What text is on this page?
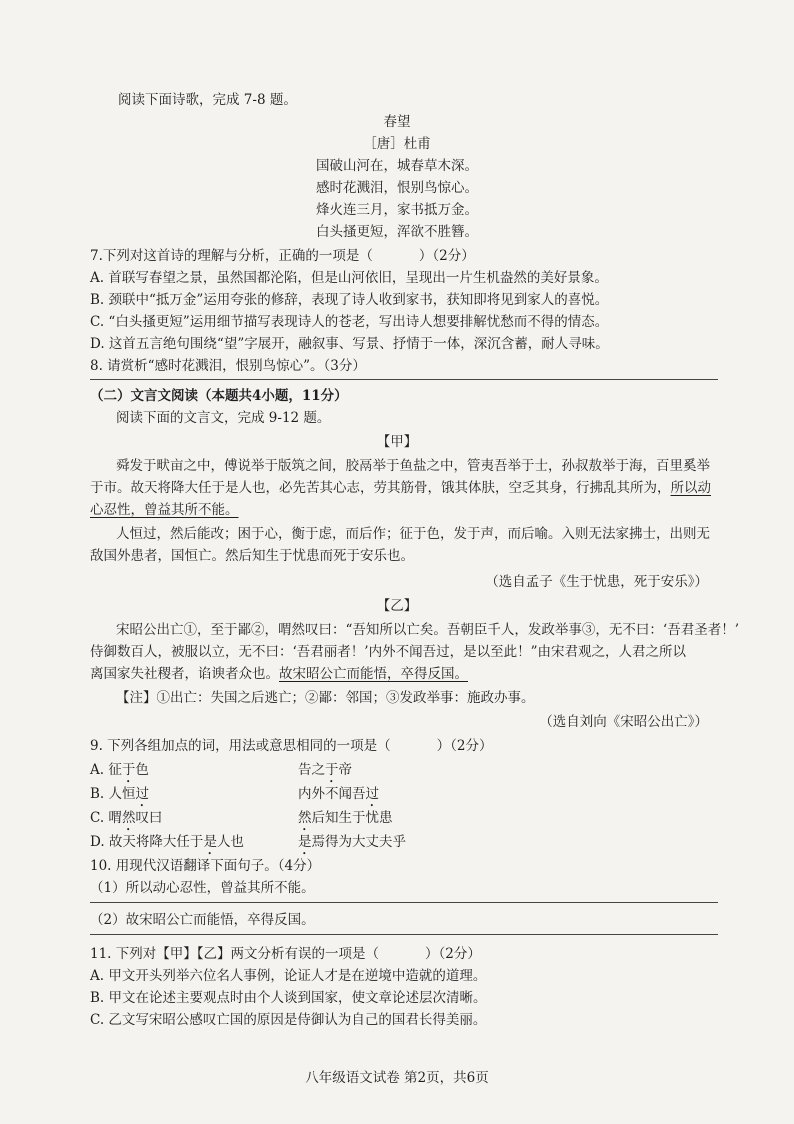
阅读下面诗歌，完成 7-8 题。
春望
［唐］杜甫
国破山河在，城春草木深。
感时花溅泪，恨别鸟惊心。
烽火连三月，家书抵万金。
白头搔更短，浑欲不胜簪。
7.下列对这首诗的理解与分析，正确的一项是（	）（2分）
A. 首联写春望之景，虽然国都沦陷，但是山河依旧，呈现出一片生机盎然的美好景象。
B. 颈联中“抵万金”运用夸张的修辞，表现了诗人收到家书，获知即将见到家人的喜悦。
C. “白头搔更短”运用细节描写表现诗人的苍老，写出诗人想要排解忧愁而不得的情态。
D. 这首五言绝句围绕“望”字展开，融叙事、写景、抒情于一体，深沉含蓄，耐人寻味。
8. 请赏析“感时花溅泪，恨别鸟惊心”。（3分）
（二）文言文阅读（本题共4小题，11分）
阅读下面的文言文，完成 9-12 题。
【甲】
舜发于畎亩之中，傅说举于版筑之间，胶鬲举于鱼盐之中，管夷吾举于士，孙叔敖举于海，百里奚举
于市。故天将降大任于是人也，必先苦其心志，劳其筋骨，饿其体肤，空乏其身，行拂乱其所为，所以动
心忍性，曾益其所不能。
人恒过，然后能改；困于心，衡于虑，而后作；征于色，发于声，而后喻。入则无法家拂士，出则无
敌国外患者，国恒亡。然后知生于忧患而死于安乐也。
（选自孟子《生于忧患，死于安乐》）
【乙】
宋昭公出亡①，至于鄙②，喟然叹曰：“吾知所以亡矣。吾朝臣千人，发政举事③，无不曰：‘吾君圣者！’
侍御数百人，被服以立，无不曰：‘吾君丽者！’内外不闻吾过，是以至此！”由宋君观之，人君之所以
离国家失社稷者，谄谀者众也。故宋昭公亡而能悟，卒得反国。
【注】①出亡：失国之后逃亡；②鄙：邻国；③发政举事：施政办事。
（选自刘向《宋昭公出亡》）
9. 下列各组加点的词，用法或意思相同的一项是（	）（2分）
A. 征于色	告之于帝
B. 人恒过	内外不闻吾过
C. 喟然叹曰	然后知生于忧患
D. 故天将降大任于是人也	是焉得为大丈夫乎
10. 用现代汉语翻译下面句子。（4分）
（1）所以动心忍性，曾益其所不能。
（2）故宋昭公亡而能悟，卒得反国。
11. 下列对【甲】【乙】两文分析有误的一项是（	）（2分）
A. 甲文开头列举六位名人事例，论证人才是在逆境中造就的道理。
B. 甲文在论述主要观点时由个人谈到国家，使文章论述层次清晰。
C. 乙文写宋昭公感叹亡国的原因是侍御认为自己的国君长得美丽。
八年级语文试卷 第2页，共6页
